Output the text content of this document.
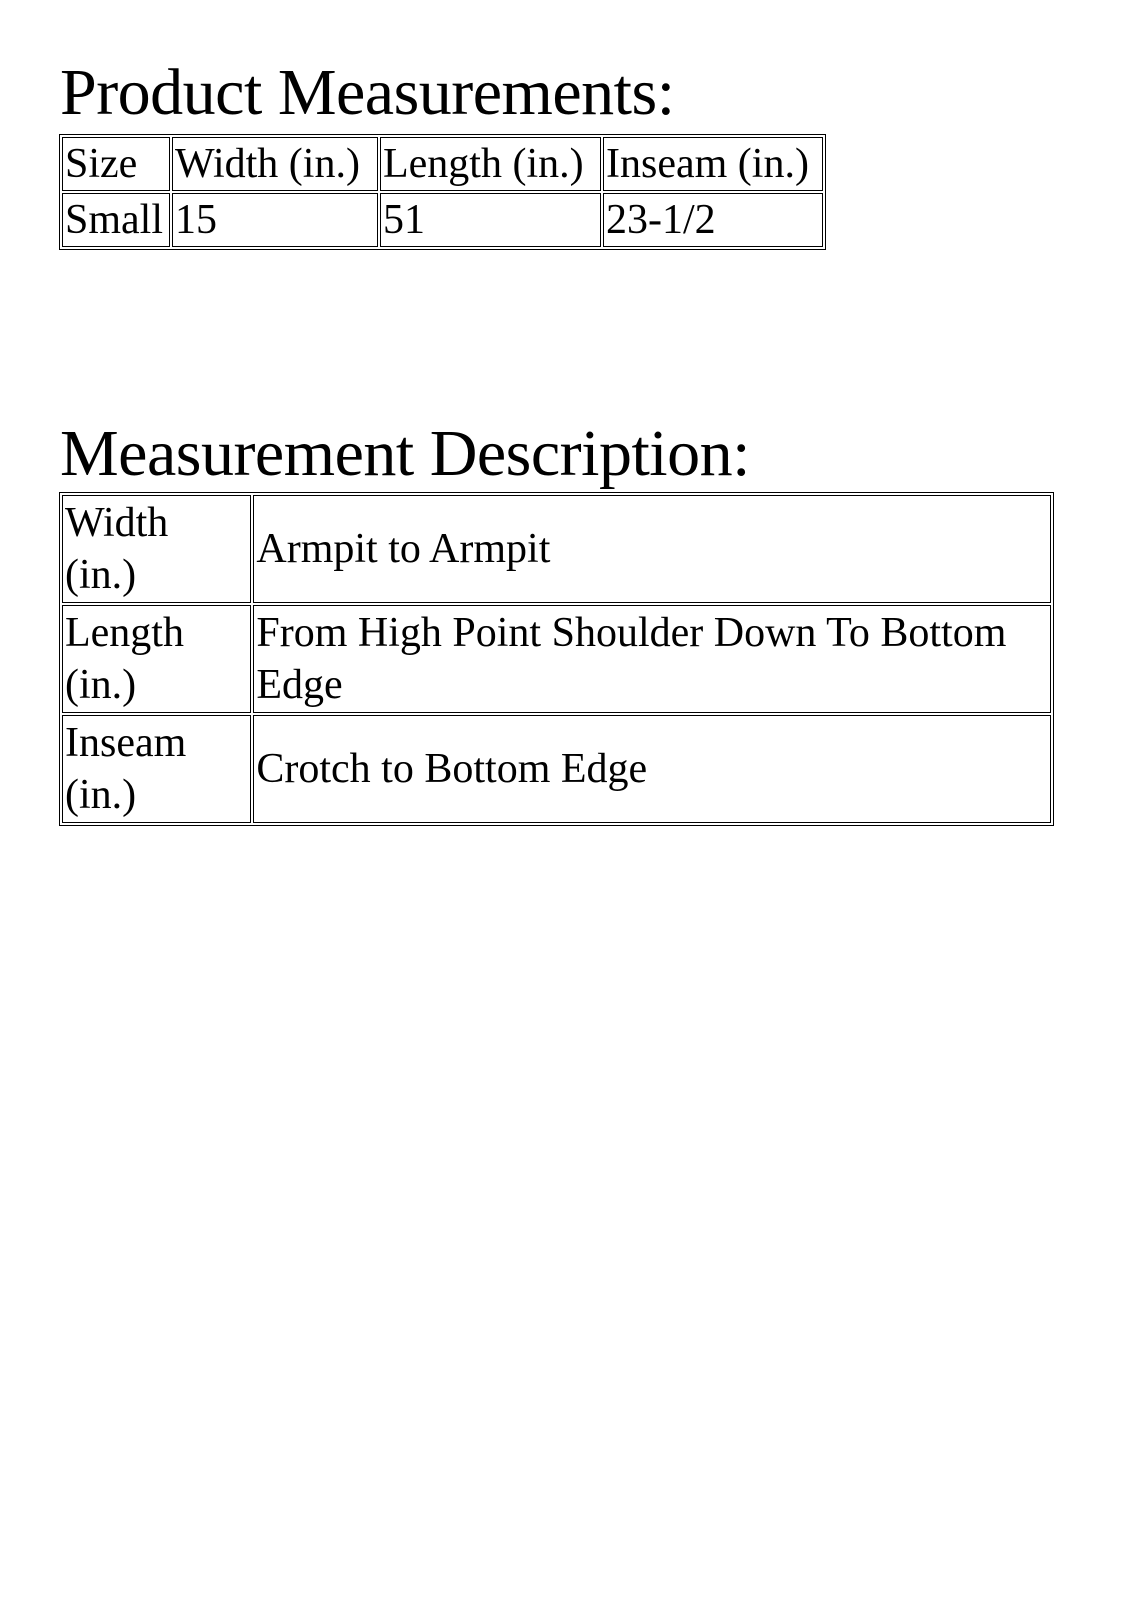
Product Measurements:
Size	Width (in.)	Length (in.)	Inseam (in.)
Small	15	51	23-1/2
Measurement Description:
Width (in.)	Armpit to Armpit
Length (in.)	From High Point Shoulder Down To Bottom Edge
Inseam (in.)	Crotch to Bottom Edge
